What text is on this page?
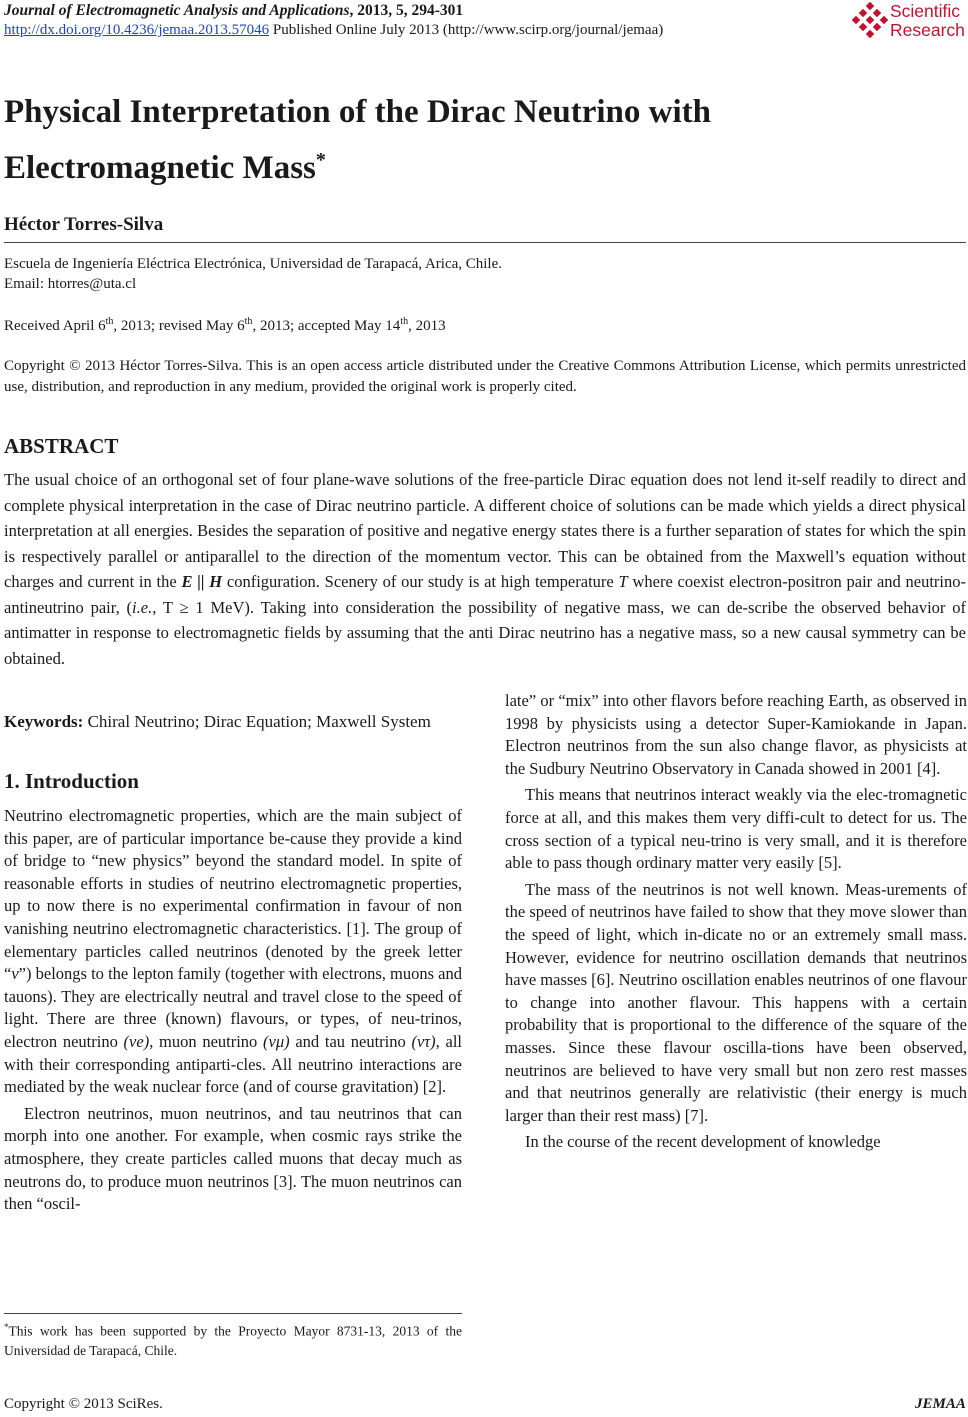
Journal of Electromagnetic Analysis and Applications, 2013, 5, 294-301
http://dx.doi.org/10.4236/jemaa.2013.57046 Published Online July 2013 (http://www.scirp.org/journal/jemaa)
Scientific
Research
Physical Interpretation of the Dirac Neutrino with
Electromagnetic Mass*
Héctor Torres-Silva
Escuela de Ingeniería Eléctrica Electrónica, Universidad de Tarapacá, Arica, Chile.
Email: htorres@uta.cl
Received April 6th, 2013; revised May 6th, 2013; accepted May 14th, 2013
Copyright © 2013 Héctor Torres-Silva. This is an open access article distributed under the Creative Commons Attribution License, which permits unrestricted use, distribution, and reproduction in any medium, provided the original work is properly cited.
ABSTRACT
The usual choice of an orthogonal set of four plane-wave solutions of the free-particle Dirac equation does not lend it-self readily to direct and complete physical interpretation in the case of Dirac neutrino particle. A different choice of solutions can be made which yields a direct physical interpretation at all energies. Besides the separation of positive and negative energy states there is a further separation of states for which the spin is respectively parallel or antiparallel to the direction of the momentum vector. This can be obtained from the Maxwell’s equation without charges and current in the E || H configuration. Scenery of our study is at high temperature T where coexist electron-positron pair and neutrino-antineutrino pair, (i.e., T ≥ 1 MeV). Taking into consideration the possibility of negative mass, we can de-scribe the observed behavior of antimatter in response to electromagnetic fields by assuming that the anti Dirac neutrino has a negative mass, so a new causal symmetry can be obtained.
Keywords: Chiral Neutrino; Dirac Equation; Maxwell System
1. Introduction

Neutrino electromagnetic properties, which are the main subject of this paper, are of particular importance be-cause they provide a kind of bridge to “new physics” beyond the standard model. In spite of reasonable efforts in studies of neutrino electromagnetic properties, up to now there is no experimental confirmation in favour of non vanishing neutrino electromagnetic characteristics. [1]. The group of elementary particles called neutrinos (denoted by the greek letter “ν”) belongs to the lepton family (together with electrons, muons and tauons). They are electrically neutral and travel close to the speed of light. There are three (known) flavours, or types, of neu-trinos, electron neutrino (νe), muon neutrino (νμ) and tau neutrino (ντ), all with their corresponding antiparti-cles. All neutrino interactions are mediated by the weak nuclear force (and of course gravitation) [2].

Electron neutrinos, muon neutrinos, and tau neutrinos that can morph into one another. For example, when cosmic rays strike the atmosphere, they create particles called muons that decay much as neutrons do, to produce muon neutrinos [3]. The muon neutrinos can then “oscil-

late” or “mix” into other flavors before reaching Earth, as observed in 1998 by physicists using a detector Super-Kamiokande in Japan. Electron neutrinos from the sun also change flavor, as physicists at the Sudbury Neutrino Observatory in Canada showed in 2001 [4].

This means that neutrinos interact weakly via the elec-tromagnetic force at all, and this makes them very diffi-cult to detect for us. The cross section of a typical neu-trino is very small, and it is therefore able to pass though ordinary matter very easily [5].

The mass of the neutrinos is not well known. Meas-urements of the speed of neutrinos have failed to show that they move slower than the speed of light, which in-dicate no or an extremely small mass. However, evidence for neutrino oscillation demands that neutrinos have masses [6]. Neutrino oscillation enables neutrinos of one flavour to change into another flavour. This happens with a certain probability that is proportional to the difference of the square of the masses. Since these flavour oscilla-tions have been observed, neutrinos are believed to have very small but non zero rest masses and that neutrinos generally are relativistic (their energy is much larger than their rest mass) [7].

In the course of the recent development of knowledge

*This work has been supported by the Proyecto Mayor 8731-13, 2013 of the Universidad de Tarapacá, Chile.
Copyright © 2013 SciRes.	JEMAA
